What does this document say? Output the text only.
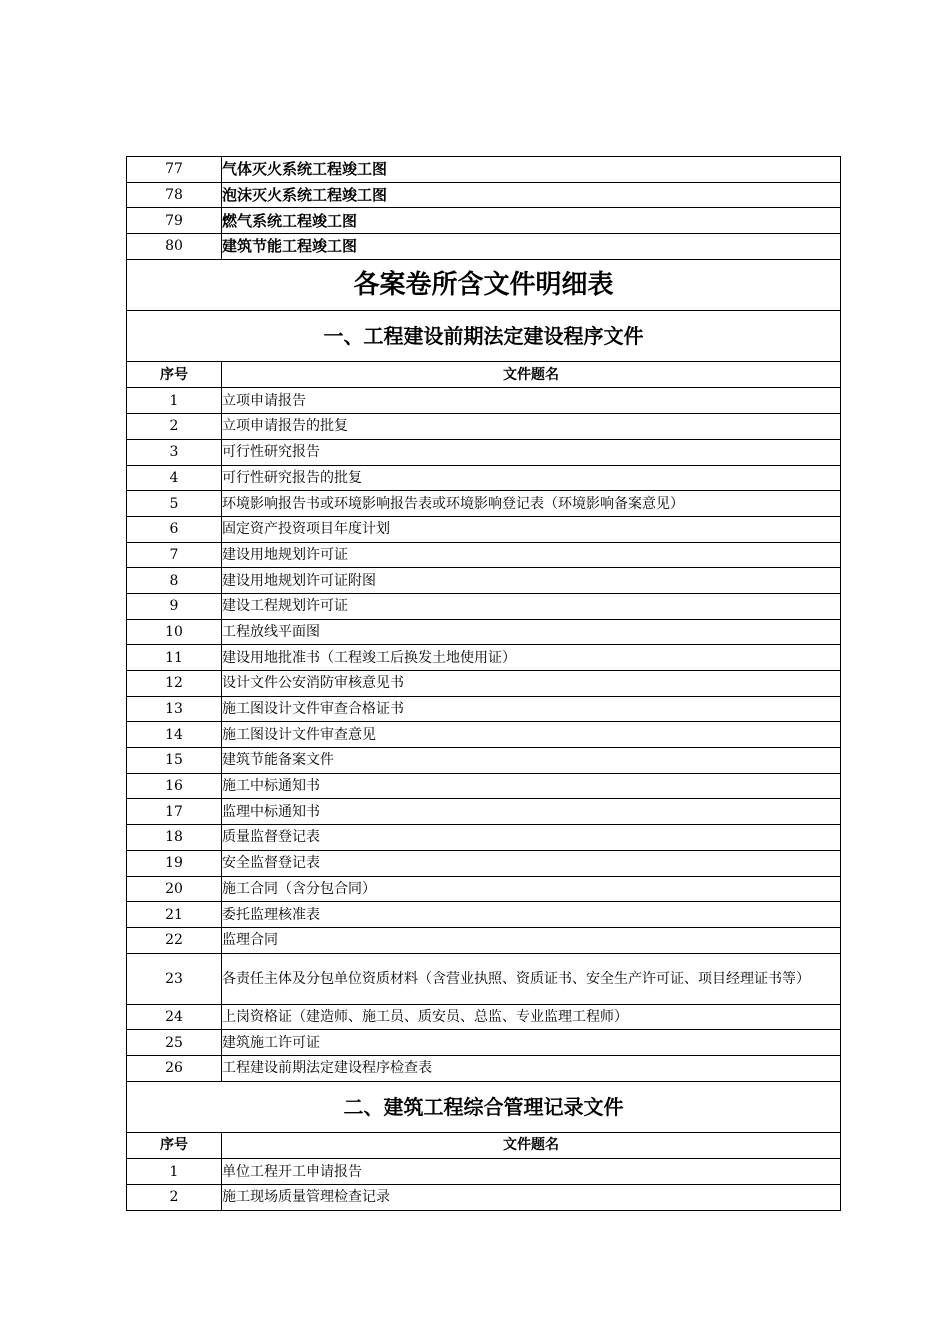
77	气体灭火系统工程竣工图
78	泡沫灭火系统工程竣工图
79	燃气系统工程竣工图
80	建筑节能工程竣工图
各案卷所含文件明细表	
一、工程建设前期法定建设程序文件	
序号	文件题名
1	立项申请报告
2	立项申请报告的批复
3	可行性研究报告
4	可行性研究报告的批复
5	环境影响报告书或环境影响报告表或环境影响登记表（环境影响备案意见）
6	固定资产投资项目年度计划
7	建设用地规划许可证
8	建设用地规划许可证附图
9	建设工程规划许可证
10	工程放线平面图
11	建设用地批准书（工程竣工后换发土地使用证）
12	设计文件公安消防审核意见书
13	施工图设计文件审查合格证书
14	施工图设计文件审查意见
15	建筑节能备案文件
16	施工中标通知书
17	监理中标通知书
18	质量监督登记表
19	安全监督登记表
20	施工合同（含分包合同）
21	委托监理核准表
22	监理合同
23	各责任主体及分包单位资质材料（含营业执照、资质证书、安全生产许可证、项目经理证书等）
24	上岗资格证（建造师、施工员、质安员、总监、专业监理工程师）
25	建筑施工许可证
26	工程建设前期法定建设程序检查表
二、建筑工程综合管理记录文件	
序号	文件题名
1	单位工程开工申请报告
2	施工现场质量管理检查记录
